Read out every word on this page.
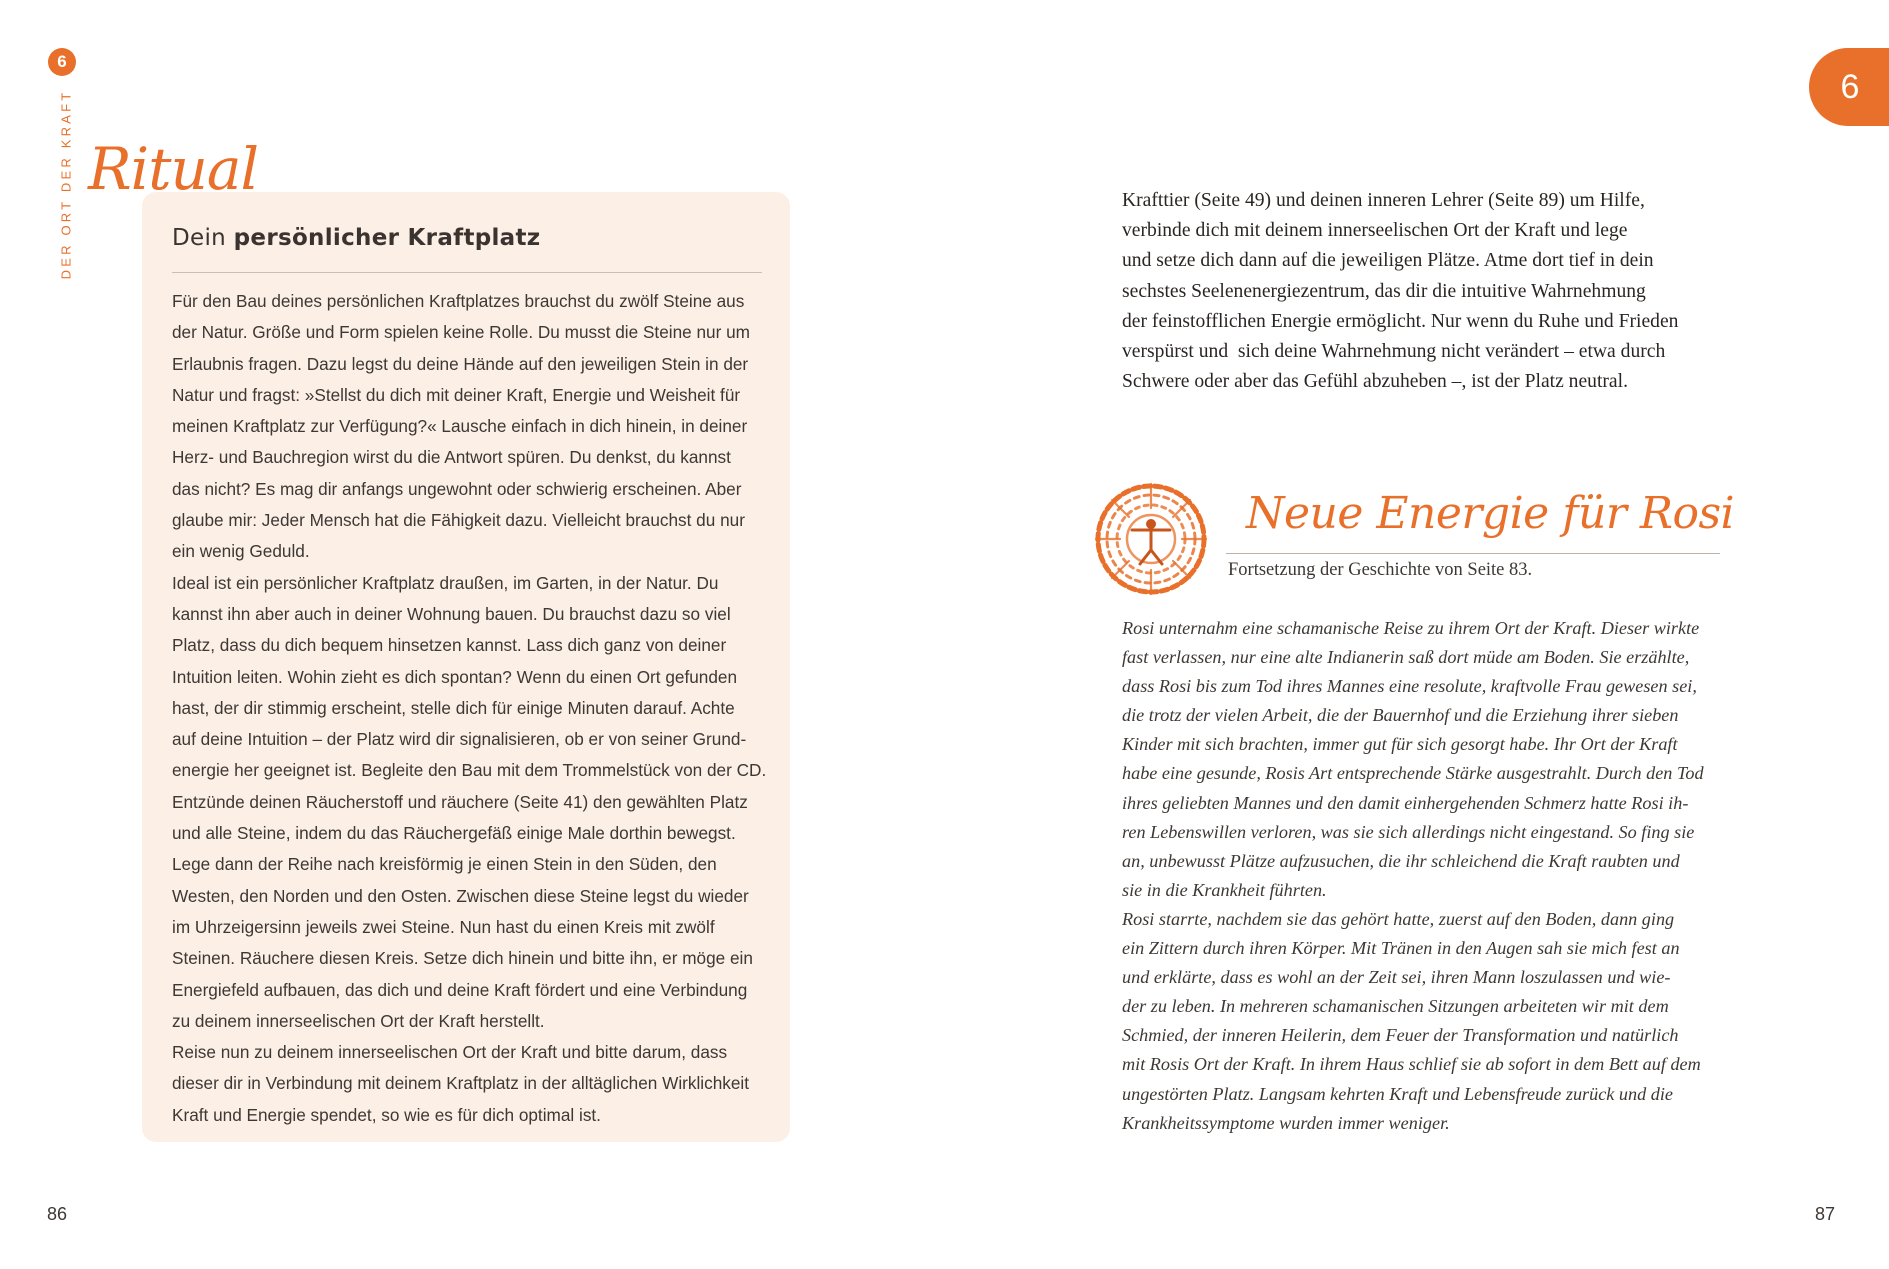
6
DER ORT DER KRAFT Ritual
Dein persönlicher Kraftplatz
Für den Bau deines persönlichen Kraftplatzes brauchst du zwölf Steine aus
der Natur. Größe und Form spielen keine Rolle. Du musst die Steine nur um
Erlaubnis fragen. Dazu legst du deine Hände auf den jeweiligen Stein in der
Natur und fragst: »Stellst du dich mit deiner Kraft, Energie und Weisheit für
meinen Kraftplatz zur Verfügung?« Lausche einfach in dich hinein, in deiner
Herz- und Bauchregion wirst du die Antwort spüren. Du denkst, du kannst
das nicht? Es mag dir anfangs ungewohnt oder schwierig erscheinen. Aber
glaube mir: Jeder Mensch hat die Fähigkeit dazu. Vielleicht brauchst du nur
ein wenig Geduld.
Ideal ist ein persönlicher Kraftplatz draußen, im Garten, in der Natur. Du
kannst ihn aber auch in deiner Wohnung bauen. Du brauchst dazu so viel
Platz, dass du dich bequem hinsetzen kannst. Lass dich ganz von deiner
Intuition leiten. Wohin zieht es dich spontan? Wenn du einen Ort gefunden
hast, der dir stimmig erscheint, stelle dich für einige Minuten darauf. Achte
auf deine Intuition – der Platz wird dir signalisieren, ob er von seiner Grund-
energie her geeignet ist. Begleite den Bau mit dem Trommelstück von der CD.
Entzünde deinen Räucherstoff und räuchere (Seite 41) den gewählten Platz
und alle Steine, indem du das Räuchergefäß einige Male dorthin bewegst.
Lege dann der Reihe nach kreisförmig je einen Stein in den Süden, den
Westen, den Norden und den Osten. Zwischen diese Steine legst du wieder
im Uhrzeigersinn jeweils zwei Steine. Nun hast du einen Kreis mit zwölf
Steinen. Räuchere diesen Kreis. Setze dich hinein und bitte ihn, er möge ein
Energiefeld aufbauen, das dich und deine Kraft fördert und eine Verbindung
zu deinem innerseelischen Ort der Kraft herstellt.
Reise nun zu deinem innerseelischen Ort der Kraft und bitte darum, dass
dieser dir in Verbindung mit deinem Kraftplatz in der alltäglichen Wirklichkeit
Kraft und Energie spendet, so wie es für dich optimal ist.
86
6
Krafttier (Seite 49) und deinen inneren Lehrer (Seite 89) um Hilfe,
verbinde dich mit deinem innerseelischen Ort der Kraft und lege
und setze dich dann auf die jeweiligen Plätze. Atme dort tief in dein
sechstes Seelenenergiezentrum, das dir die intuitive Wahrnehmung
der feinstofflichen Energie ermöglicht. Nur wenn du Ruhe und Frieden
verspürst und  sich deine Wahrnehmung nicht verändert – etwa durch
Schwere oder aber das Gefühl abzuheben –, ist der Platz neutral.
Neue Energie für Rosi
Fortsetzung der Geschichte von Seite 83.
Rosi unternahm eine schamanische Reise zu ihrem Ort der Kraft. Dieser wirkte
fast verlassen, nur eine alte Indianerin saß dort müde am Boden. Sie erzählte,
dass Rosi bis zum Tod ihres Mannes eine resolute, kraftvolle Frau gewesen sei,
die trotz der vielen Arbeit, die der Bauernhof und die Erziehung ihrer sieben
Kinder mit sich brachten, immer gut für sich gesorgt habe. Ihr Ort der Kraft
habe eine gesunde, Rosis Art entsprechende Stärke ausgestrahlt. Durch den Tod
ihres geliebten Mannes und den damit einhergehenden Schmerz hatte Rosi ih-
ren Lebenswillen verloren, was sie sich allerdings nicht eingestand. So fing sie
an, unbewusst Plätze aufzusuchen, die ihr schleichend die Kraft raubten und
sie in die Krankheit führten.
Rosi starrte, nachdem sie das gehört hatte, zuerst auf den Boden, dann ging
ein Zittern durch ihren Körper. Mit Tränen in den Augen sah sie mich fest an
und erklärte, dass es wohl an der Zeit sei, ihren Mann loszulassen und wie-
der zu leben. In mehreren schamanischen Sitzungen arbeiteten wir mit dem
Schmied, der inneren Heilerin, dem Feuer der Transformation und natürlich
mit Rosis Ort der Kraft. In ihrem Haus schlief sie ab sofort in dem Bett auf dem
ungestörten Platz. Langsam kehrten Kraft und Lebensfreude zurück und die
Krankheitssymptome wurden immer weniger.
87
